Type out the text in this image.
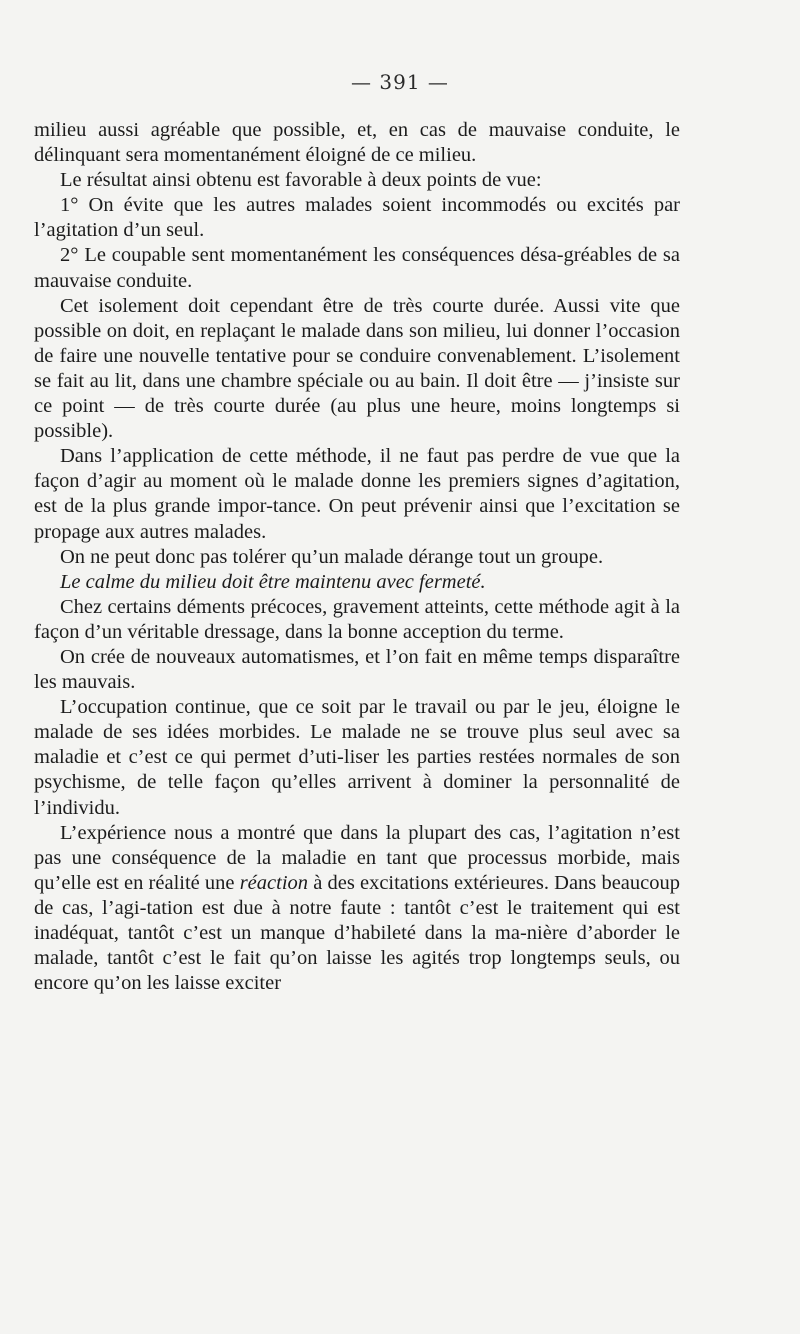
— 391 —

milieu aussi agréable que possible, et, en cas de mauvaise conduite, le délinquant sera momentanément éloigné de ce milieu.

Le résultat ainsi obtenu est favorable à deux points de vue:

1° On évite que les autres malades soient incommodés ou excités par l’agitation d’un seul.

2° Le coupable sent momentanément les conséquences désa-gréables de sa mauvaise conduite.

Cet isolement doit cependant être de très courte durée. Aussi vite que possible on doit, en replaçant le malade dans son milieu, lui donner l’occasion de faire une nouvelle tentative pour se conduire convenablement. L’isolement se fait au lit, dans une chambre spéciale ou au bain. Il doit être — j’insiste sur ce point — de très courte durée (au plus une heure, moins longtemps si possible).

Dans l’application de cette méthode, il ne faut pas perdre de vue que la façon d’agir au moment où le malade donne les premiers signes d’agitation, est de la plus grande impor-tance. On peut prévenir ainsi que l’excitation se propage aux autres malades.

On ne peut donc pas tolérer qu’un malade dérange tout un groupe.

Le calme du milieu doit être maintenu avec fermeté.

Chez certains déments précoces, gravement atteints, cette méthode agit à la façon d’un véritable dressage, dans la bonne acception du terme.

On crée de nouveaux automatismes, et l’on fait en même temps disparaître les mauvais.

L’occupation continue, que ce soit par le travail ou par le jeu, éloigne le malade de ses idées morbides. Le malade ne se trouve plus seul avec sa maladie et c’est ce qui permet d’uti-liser les parties restées normales de son psychisme, de telle façon qu’elles arrivent à dominer la personnalité de l’individu.

L’expérience nous a montré que dans la plupart des cas, l’agitation n’est pas une conséquence de la maladie en tant que processus morbide, mais qu’elle est en réalité une réaction à des excitations extérieures. Dans beaucoup de cas, l’agi-tation est due à notre faute : tantôt c’est le traitement qui est inadéquat, tantôt c’est un manque d’habileté dans la ma-nière d’aborder le malade, tantôt c’est le fait qu’on laisse les agités trop longtemps seuls, ou encore qu’on les laisse exciter
